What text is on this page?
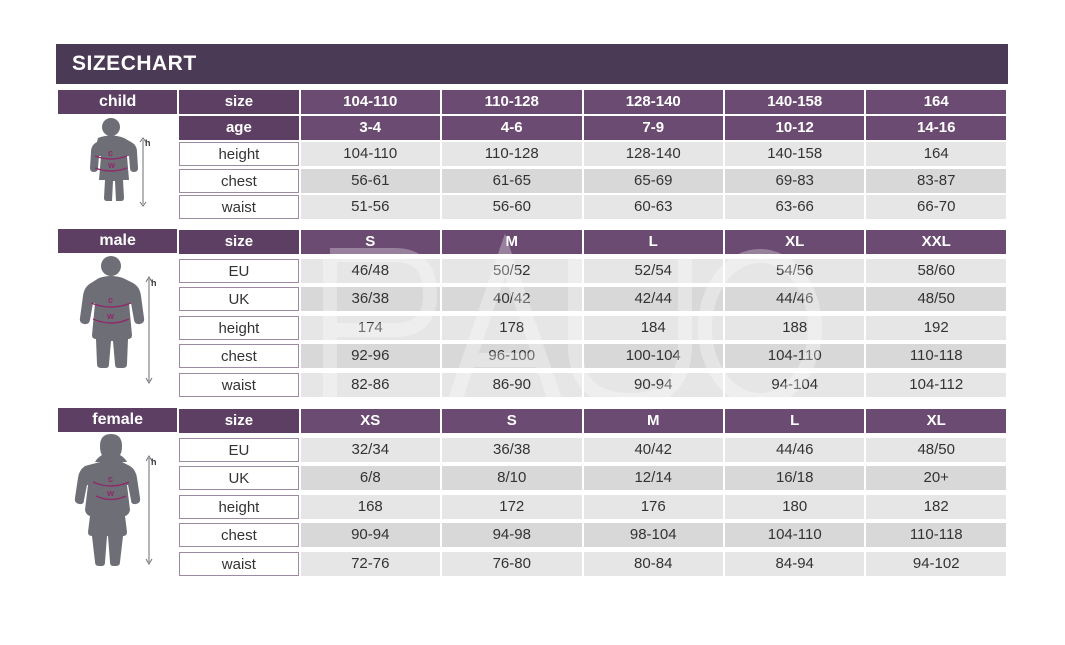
SIZE CHART
child
h
c
w	size	104-110	110-128	128-140	140-158	164

	age	3-4	4-6	7-9	10-12	14-16

	height	104-110	110-128	128-140	140-158	164

	chest	56-61	61-65	65-69	69-83	83-87

	waist	51-56	56-60	60-63	63-66	66-70

male
h
c
w	size	S	M	L	XL	XXL

	EU	46/48	50/52	52/54	54/56	58/60

	UK	36/38	40/42	42/44	44/46	48/50

	height	174	178	184	188	192

	chest	92-96	96-100	100-104	104-110	110-118

	waist	82-86	86-90	90-94	94-104	104-112

female
h
c
w	size	XS	S	M	L	XL

	EU	32/34	36/38	40/42	44/46	48/50

	UK	6/8	8/10	12/14	16/18	20+

	height	168	172	176	180	182

	chest	90-94	94-98	98-104	104-110	110-118

	waist	72-76	76-80	80-84	84-94	94-102
